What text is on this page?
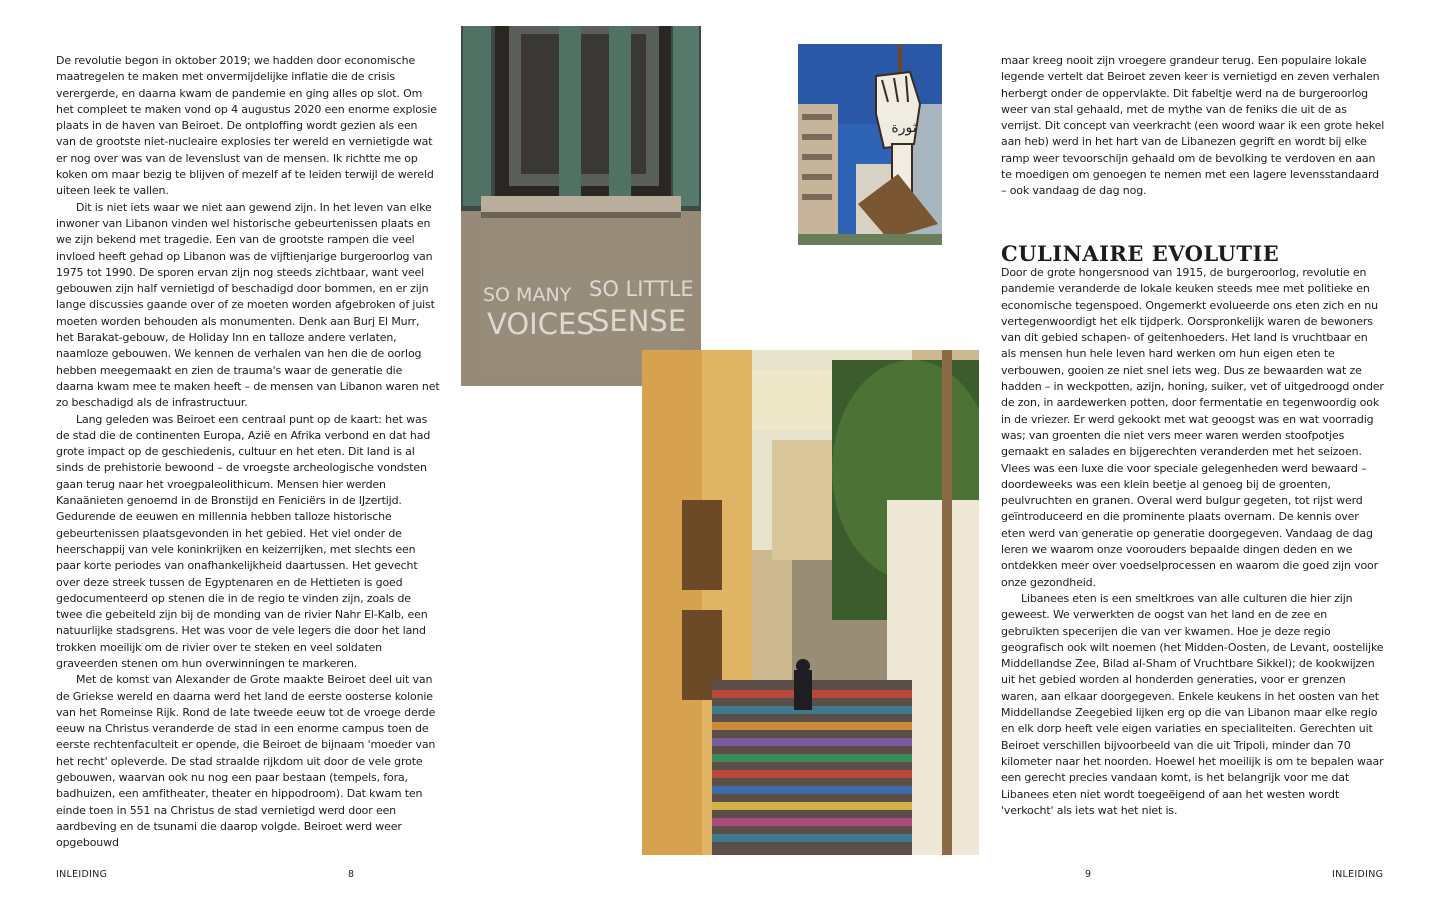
De revolutie begon in oktober 2019; we hadden door economische maatregelen te maken met onvermijdelijke inflatie die de crisis verergerde, en daarna kwam de pandemie en ging alles op slot. Om het compleet te maken vond op 4 augustus 2020 een enorme explosie plaats in de haven van Beiroet. De ontploffing wordt gezien als een van de grootste niet-nucleaire explosies ter wereld en vernietigde wat er nog over was van de levenslust van de mensen. Ik richtte me op koken om maar bezig te blijven of mezelf af te leiden terwijl de wereld uiteen leek te vallen.

Dit is niet iets waar we niet aan gewend zijn. In het leven van elke inwoner van Libanon vinden wel historische gebeurtenissen plaats en we zijn bekend met tragedie. Een van de grootste rampen die veel invloed heeft gehad op Libanon was de vijftienjarige burgeroorlog van 1975 tot 1990. De sporen ervan zijn nog steeds zichtbaar, want veel gebouwen zijn half vernietigd of beschadigd door bommen, en er zijn lange discussies gaande over of ze moeten worden afgebroken of juist moeten worden behouden als monumenten. Denk aan Burj El Murr, het Barakat-gebouw, de Holiday Inn en talloze andere verlaten, naamloze gebouwen. We kennen de verhalen van hen die de oorlog hebben meegemaakt en zien de trauma's waar de generatie die daarna kwam mee te maken heeft – de mensen van Libanon waren net zo beschadigd als de infrastructuur.

Lang geleden was Beiroet een centraal punt op de kaart: het was de stad die de continenten Europa, Azië en Afrika verbond en dat had grote impact op de geschiedenis, cultuur en het eten. Dit land is al sinds de prehistorie bewoond – de vroegste archeologische vondsten gaan terug naar het vroegpaleolithicum. Mensen hier werden Kanaänieten genoemd in de Bronstijd en Feniciërs in de IJzertijd. Gedurende de eeuwen en millennia hebben talloze historische gebeurtenissen plaatsgevonden in het gebied. Het viel onder de heerschappij van vele koninkrijken en keizerrijken, met slechts een paar korte periodes van onafhankelijkheid daartussen. Het gevecht over deze streek tussen de Egyptenaren en de Hettieten is goed gedocumenteerd op stenen die in de regio te vinden zijn, zoals de twee die gebeiteld zijn bij de monding van de rivier Nahr El-Kalb, een natuurlijke stadsgrens. Het was voor de vele legers die door het land trokken moeilijk om de rivier over te steken en veel soldaten graveerden stenen om hun overwinningen te markeren.

Met de komst van Alexander de Grote maakte Beiroet deel uit van de Griekse wereld en daarna werd het land de eerste oosterse kolonie van het Romeinse Rijk. Rond de late tweede eeuw tot de vroege derde eeuw na Christus veranderde de stad in een enorme campus toen de eerste rechtenfaculteit er opende, die Beiroet de bijnaam 'moeder van het recht' opleverde. De stad straalde rijkdom uit door de vele grote gebouwen, waarvan ook nu nog een paar bestaan (tempels, fora, badhuizen, een amfitheater, theater en hippodroom). Dat kwam ten einde toen in 551 na Christus de stad vernietigd werd door een aardbeving en de tsunami die daarop volgde. Beiroet werd weer opgebouwd

SO MANY SO LITTLE
VOICES
SENSE
ثورة

maar kreeg nooit zijn vroegere grandeur terug. Een populaire lokale legende vertelt dat Beiroet zeven keer is vernietigd en zeven verhalen herbergt onder de oppervlakte. Dit fabeltje werd na de burgeroorlog weer van stal gehaald, met de mythe van de feniks die uit de as verrijst. Dit concept van veerkracht (een woord waar ik een grote hekel aan heb) werd in het hart van de Libanezen gegrift en wordt bij elke ramp weer tevoorschijn gehaald om de bevolking te verdoven en aan te moedigen om genoegen te nemen met een lagere levensstandaard – ook vandaag de dag nog.

CULINAIRE EVOLUTIE

Door de grote hongersnood van 1915, de burgeroorlog, revolutie en pandemie veranderde de lokale keuken steeds mee met politieke en economische tegenspoed. Ongemerkt evolueerde ons eten zich en nu vertegenwoordigt het elk tijdperk. Oorspronkelijk waren de bewoners van dit gebied schapen- of geitenhoeders. Het land is vruchtbaar en als mensen hun hele leven hard werken om hun eigen eten te verbouwen, gooien ze niet snel iets weg. Dus ze bewaarden wat ze hadden – in weckpotten, azijn, honing, suiker, vet of uitgedroogd onder de zon, in aardewerken potten, door fermentatie en tegenwoordig ook in de vriezer. Er werd gekookt met wat geoogst was en wat voorradig was; van groenten die niet vers meer waren werden stoofpotjes gemaakt en salades en bijgerechten veranderden met het seizoen. Vlees was een luxe die voor speciale gelegenheden werd bewaard – doordeweeks was een klein beetje al genoeg bij de groenten, peulvruchten en granen. Overal werd bulgur gegeten, tot rijst werd geïntroduceerd en die prominente plaats overnam. De kennis over eten werd van generatie op generatie doorgegeven. Vandaag de dag leren we waarom onze voorouders bepaalde dingen deden en we ontdekken meer over voedselprocessen en waarom die goed zijn voor onze gezondheid.

Libanees eten is een smeltkroes van alle culturen die hier zijn geweest. We verwerkten de oogst van het land en de zee en gebruikten specerijen die van ver kwamen. Hoe je deze regio geografisch ook wilt noemen (het Midden-Oosten, de Levant, oostelijke Middellandse Zee, Bilad al-Sham of Vruchtbare Sikkel); de kookwijzen uit het gebied worden al honderden generaties, voor er grenzen waren, aan elkaar doorgegeven. Enkele keukens in het oosten van het Middellandse Zeegebied lijken erg op die van Libanon maar elke regio en elk dorp heeft vele eigen variaties en specialiteiten. Gerechten uit Beiroet verschillen bijvoorbeeld van die uit Tripoli, minder dan 70 kilometer naar het noorden. Hoewel het moeilijk is om te bepalen waar een gerecht precies vandaan komt, is het belangrijk voor me dat Libanees eten niet wordt toegeëigend of aan het westen wordt 'verkocht' als iets wat het niet is.

INLEIDING	8	9	INLEIDING
